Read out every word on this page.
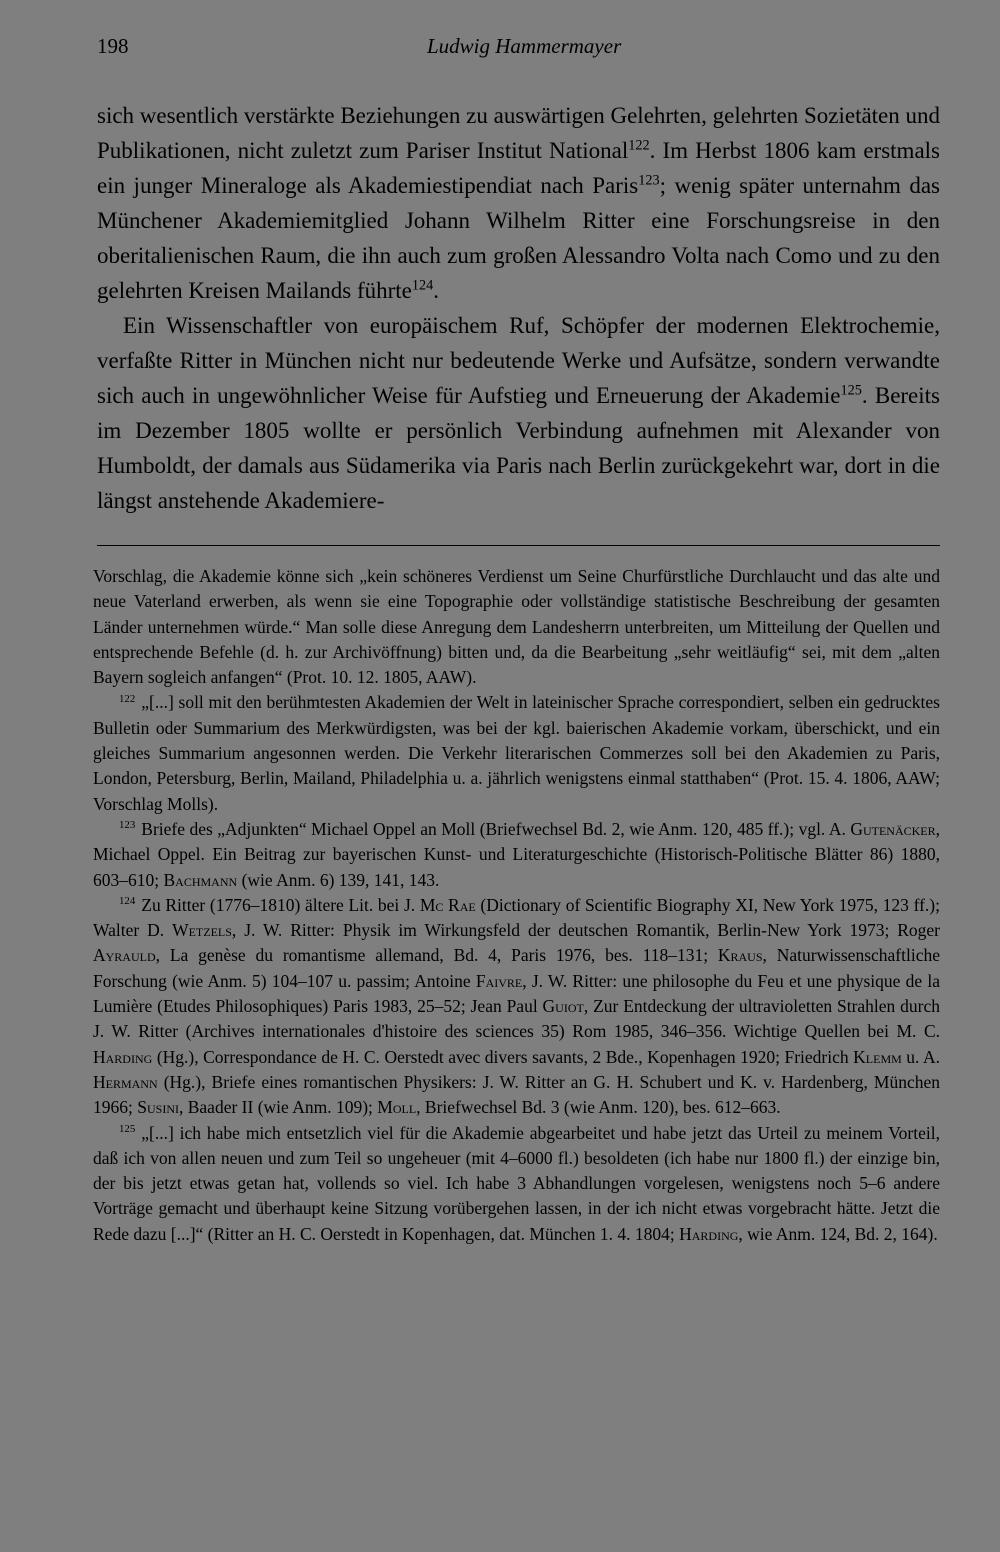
198	Ludwig Hammermayer

sich wesentlich verstärkte Beziehungen zu auswärtigen Gelehrten, gelehrten Sozietäten und Publikationen, nicht zuletzt zum Pariser Institut National$^{122}$. Im Herbst 1806 kam erstmals ein junger Mineraloge als Akademiestipendiat nach Paris$^{123}$; wenig später unternahm das Münchener Akademiemitglied Johann Wilhelm Ritter eine Forschungsreise in den oberitalienischen Raum, die ihn auch zum großen Alessandro Volta nach Como und zu den gelehrten Kreisen Mailands führte$^{124}$.

Ein Wissenschaftler von europäischem Ruf, Schöpfer der modernen Elektrochemie, verfaßte Ritter in München nicht nur bedeutende Werke und Aufsätze, sondern verwandte sich auch in ungewöhnlicher Weise für Aufstieg und Erneuerung der Akademie$^{125}$. Bereits im Dezember 1805 wollte er persönlich Verbindung aufnehmen mit Alexander von Humboldt, der damals aus Südamerika via Paris nach Berlin zurückgekehrt war, dort in die längst anstehende Akademiere-

Vorschlag, die Akademie könne sich „kein schöneres Verdienst um Seine Churfürstliche Durchlaucht und das alte und neue Vaterland erwerben, als wenn sie eine Topographie oder vollständige statistische Beschreibung der gesamten Länder unternehmen würde.“ Man solle diese Anregung dem Landesherrn unterbreiten, um Mitteilung der Quellen und entsprechende Befehle (d. h. zur Archivöffnung) bitten und, da die Bearbeitung „sehr weitläufig“ sei, mit dem „alten Bayern sogleich anfangen“ (Prot. 10. 12. 1805, AAW).

$^{122}$ „[...] soll mit den berühmtesten Akademien der Welt in lateinischer Sprache correspondiert, selben ein gedrucktes Bulletin oder Summarium des Merkwürdigsten, was bei der kgl. baierischen Akademie vorkam, überschickt, und ein gleiches Summarium angesonnen werden. Die Verkehr literarischen Commerzes soll bei den Akademien zu Paris, London, Petersburg, Berlin, Mailand, Philadelphia u. a. jährlich wenigstens einmal statthaben“ (Prot. 15. 4. 1806, AAW; Vorschlag Molls).

$^{123}$ Briefe des „Adjunkten“ Michael Oppel an Moll (Briefwechsel Bd. 2, wie Anm. 120, 485 ff.); vgl. A. Gutenäcker, Michael Oppel. Ein Beitrag zur bayerischen Kunst- und Literaturgeschichte (Historisch-Politische Blätter 86) 1880, 603–610; Bachmann (wie Anm. 6) 139, 141, 143.

$^{124}$ Zu Ritter (1776–1810) ältere Lit. bei J. Mc Rae (Dictionary of Scientific Biography XI, New York 1975, 123 ff.); Walter D. Wetzels, J. W. Ritter: Physik im Wirkungsfeld der deutschen Romantik, Berlin-New York 1973; Roger Ayrauld, La genèse du romantisme allemand, Bd. 4, Paris 1976, bes. 118–131; Kraus, Naturwissenschaftliche Forschung (wie Anm. 5) 104–107 u. passim; Antoine Faivre, J. W. Ritter: une philosophe du Feu et une physique de la Lumière (Etudes Philosophiques) Paris 1983, 25–52; Jean Paul Guiot, Zur Entdeckung der ultravioletten Strahlen durch J. W. Ritter (Archives internationales d'histoire des sciences 35) Rom 1985, 346–356. Wichtige Quellen bei M. C. Harding (Hg.), Correspondance de H. C. Oerstedt avec divers savants, 2 Bde., Kopenhagen 1920; Friedrich Klemm u. A. Hermann (Hg.), Briefe eines romantischen Physikers: J. W. Ritter an G. H. Schubert und K. v. Hardenberg, München 1966; Susini, Baader II (wie Anm. 109); Moll, Briefwechsel Bd. 3 (wie Anm. 120), bes. 612–663.

$^{125}$ „[...] ich habe mich entsetzlich viel für die Akademie abgearbeitet und habe jetzt das Urteil zu meinem Vorteil, daß ich von allen neuen und zum Teil so ungeheuer (mit 4–6000 fl.) besoldeten (ich habe nur 1800 fl.) der einzige bin, der bis jetzt etwas getan hat, vollends so viel. Ich habe 3 Abhandlungen vorgelesen, wenigstens noch 5–6 andere Vorträge gemacht und überhaupt keine Sitzung vorübergehen lassen, in der ich nicht etwas vorgebracht hätte. Jetzt die Rede dazu [...]“ (Ritter an H. C. Oerstedt in Kopenhagen, dat. München 1. 4. 1804; Harding, wie Anm. 124, Bd. 2, 164).
